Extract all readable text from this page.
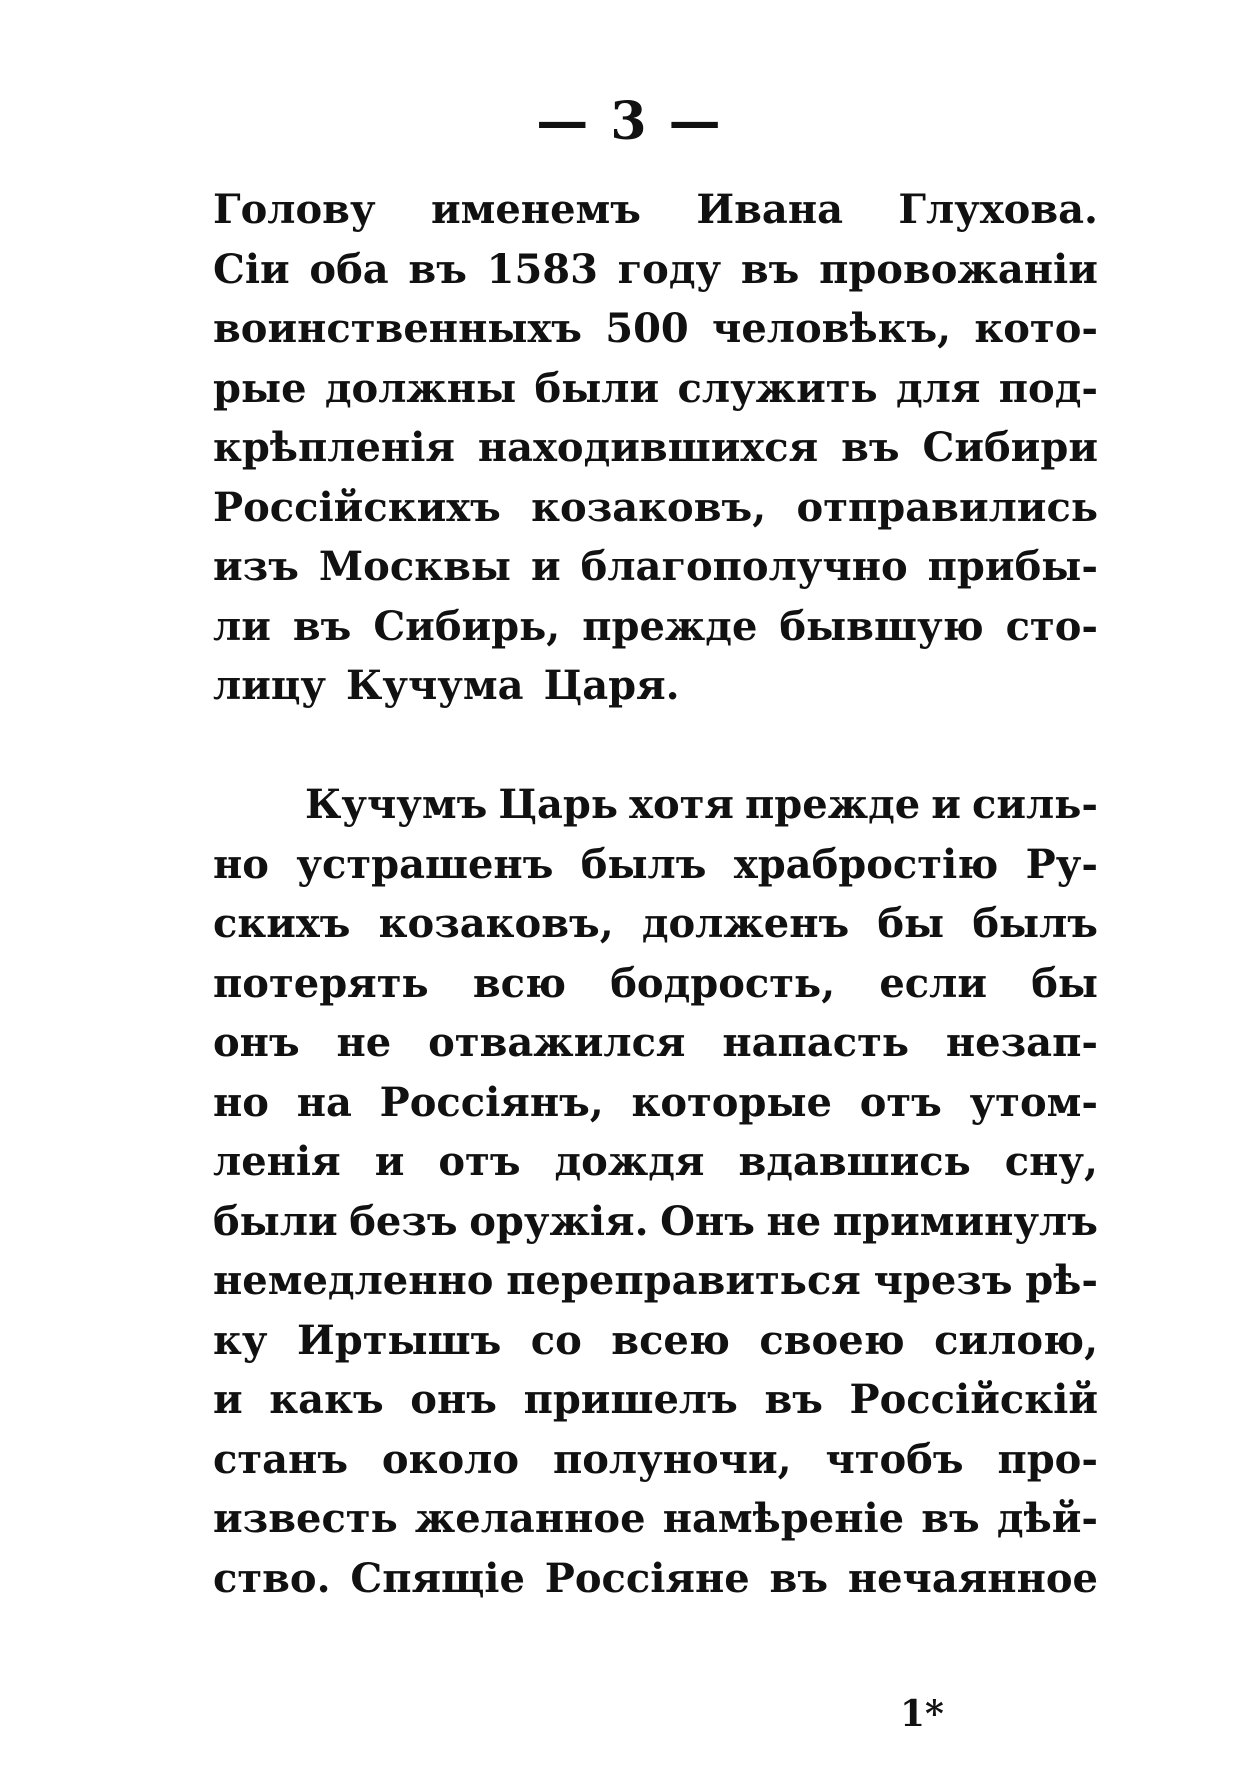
— 3 —
Голову именемъ Ивана Глухова.
Сіи оба въ 1583 году въ провожаніи
воинственныхъ 500 человѣкъ, кото-
рые должны были служить для под-
крѣпленія находившихся въ Сибири
Россійскихъ козаковъ, отправились
изъ Москвы и благополучно прибы-
ли въ Сибирь, прежде бывшую сто-
лицу Кучума Царя.
Кучумъ Царь хотя прежде и силь-
но устрашенъ былъ храбростію Ру-
скихъ козаковъ, долженъ бы былъ
потерять всю бодрость, если бы
онъ не отважился напасть незап-
но на Россіянъ, которые отъ утом-
ленія и отъ дождя вдавшись сну,
были безъ оружія. Онъ не приминулъ
немедленно переправиться чрезъ рѣ-
ку Иртышъ со всею своею силою,
и какъ онъ пришелъ въ Россійскій
станъ около полуночи, чтобъ про-
известь желанное намѣреніе въ дѣй-
ство. Спящіе Россіяне въ нечаянное
1*
